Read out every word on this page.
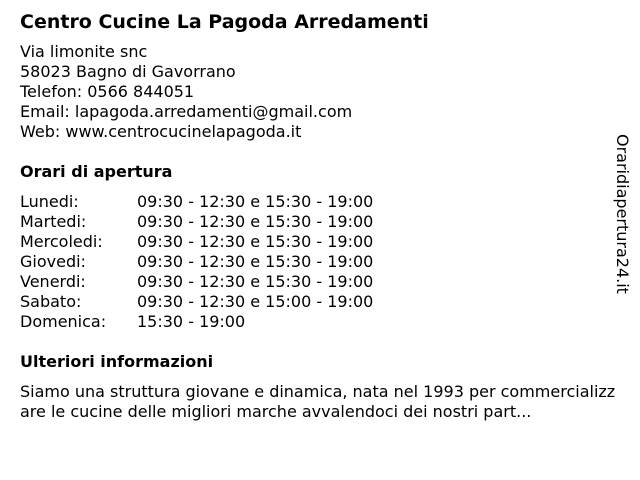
Centro Cucine La Pagoda Arredamenti
Via limonite snc
58023 Bagno di Gavorrano
Telefon: 0566 844051
Email: lapagoda.arredamenti@gmail.com
Web: www.centrocucinelapagoda.it
Orari di apertura
Lunedi:	09:30 - 12:30 e 15:30 - 19:00
Martedi:	09:30 - 12:30 e 15:30 - 19:00
Mercoledi:	09:30 - 12:30 e 15:30 - 19:00
Giovedi:	09:30 - 12:30 e 15:30 - 19:00
Venerdi:	09:30 - 12:30 e 15:30 - 19:00
Sabato:	09:30 - 12:30 e 15:00 - 19:00
Domenica:	15:30 - 19:00
Ulteriori informazioni
Siamo una struttura giovane e dinamica, nata nel 1993 per commercializzare le cucine delle migliori marche avvalendoci dei nostri part...
Oraridiapertura24.it
